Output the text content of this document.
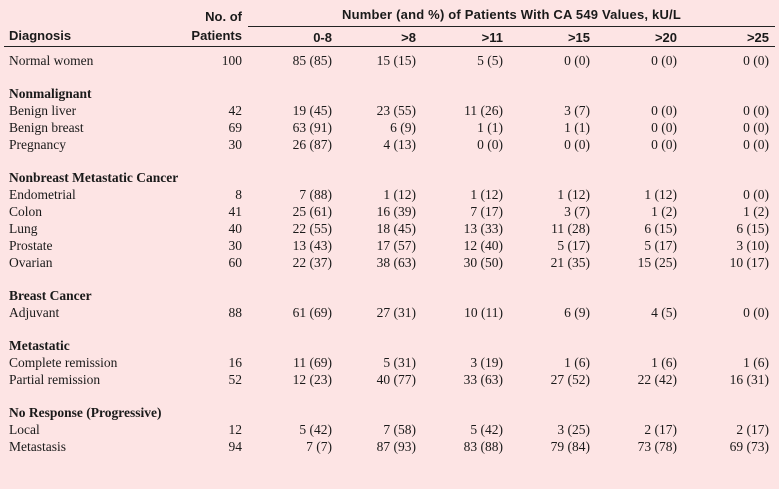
	No. of	Number (and %) of Patients With CA 549 Values, kU/L					
Diagnosis	Patients	0-8	>8	>11	>15	>20	>25
Normal women	100	85 (85)	15 (15)	5 (5)	0 (0)	0 (0)	0 (0)

Nonmalignant							
Benign liver	42	19 (45)	23 (55)	11 (26)	3 (7)	0 (0)	0 (0)
Benign breast	69	63 (91)	6 (9)	1 (1)	1 (1)	0 (0)	0 (0)
Pregnancy	30	26 (87)	4 (13)	0 (0)	0 (0)	0 (0)	0 (0)

Nonbreast Metastatic Cancer							
Endometrial	8	7 (88)	1 (12)	1 (12)	1 (12)	1 (12)	0 (0)
Colon	41	25 (61)	16 (39)	7 (17)	3 (7)	1 (2)	1 (2)
Lung	40	22 (55)	18 (45)	13 (33)	11 (28)	6 (15)	6 (15)
Prostate	30	13 (43)	17 (57)	12 (40)	5 (17)	5 (17)	3 (10)
Ovarian	60	22 (37)	38 (63)	30 (50)	21 (35)	15 (25)	10 (17)

Breast Cancer							
Adjuvant	88	61 (69)	27 (31)	10 (11)	6 (9)	4 (5)	0 (0)

Metastatic							
Complete remission	16	11 (69)	5 (31)	3 (19)	1 (6)	1 (6)	1 (6)
Partial remission	52	12 (23)	40 (77)	33 (63)	27 (52)	22 (42)	16 (31)

No Response (Progressive)							
Local	12	5 (42)	7 (58)	5 (42)	3 (25)	2 (17)	2 (17)
Metastasis	94	7 (7)	87 (93)	83 (88)	79 (84)	73 (78)	69 (73)
